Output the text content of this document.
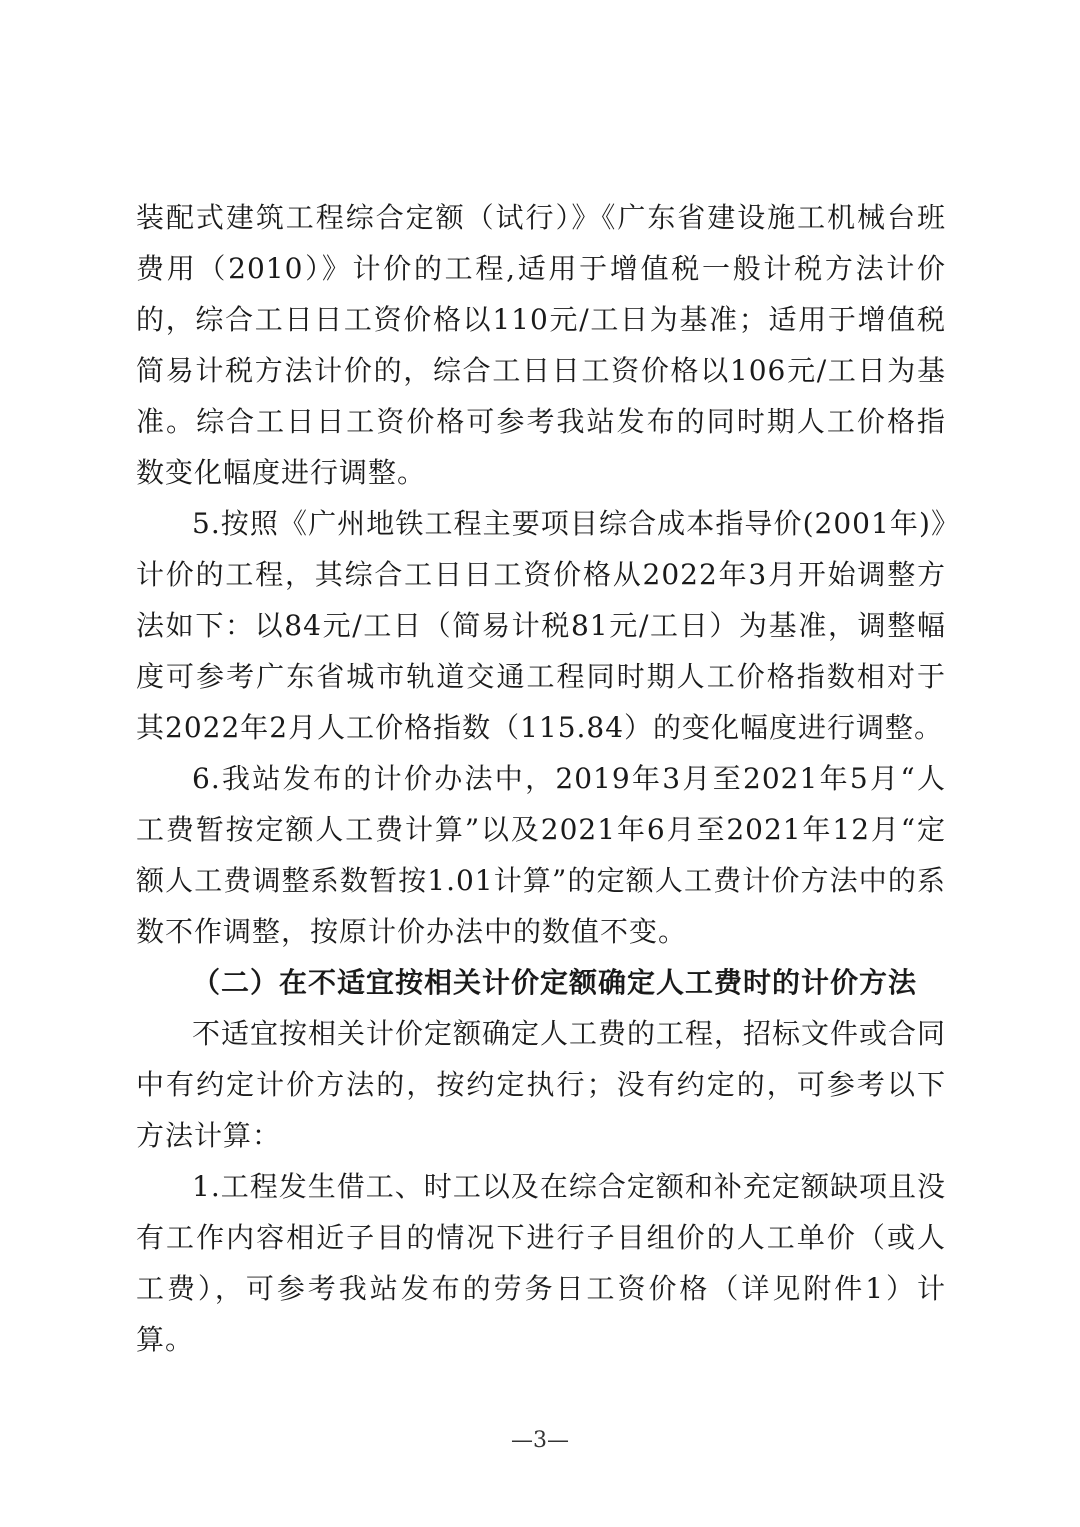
装配式建筑工程综合定额（试行）》《广东省建设施工机械台班费用（2010）》计价的工程,适用于增值税一般计税方法计价的，综合工日日工资价格以110元/工日为基准；适用于增值税简易计税方法计价的，综合工日日工资价格以106元/工日为基准。综合工日日工资价格可参考我站发布的同时期人工价格指数变化幅度进行调整。

5.按照《广州地铁工程主要项目综合成本指导价(2001年)》计价的工程，其综合工日日工资价格从2022年3月开始调整方法如下：以84元/工日（简易计税81元/工日）为基准，调整幅度可参考广东省城市轨道交通工程同时期人工价格指数相对于其2022年2月人工价格指数（115.84）的变化幅度进行调整。

6.我站发布的计价办法中，2019年3月至2021年5月“人工费暂按定额人工费计算”以及2021年6月至2021年12月“定额人工费调整系数暂按1.01计算”的定额人工费计价方法中的系数不作调整，按原计价办法中的数值不变。

（二）在不适宜按相关计价定额确定人工费时的计价方法

不适宜按相关计价定额确定人工费的工程，招标文件或合同中有约定计价方法的，按约定执行；没有约定的，可参考以下方法计算：

1.工程发生借工、时工以及在综合定额和补充定额缺项且没有工作内容相近子目的情况下进行子目组价的人工单价（或人工费），可参考我站发布的劳务日工资价格（详见附件1）计算。

—3—
